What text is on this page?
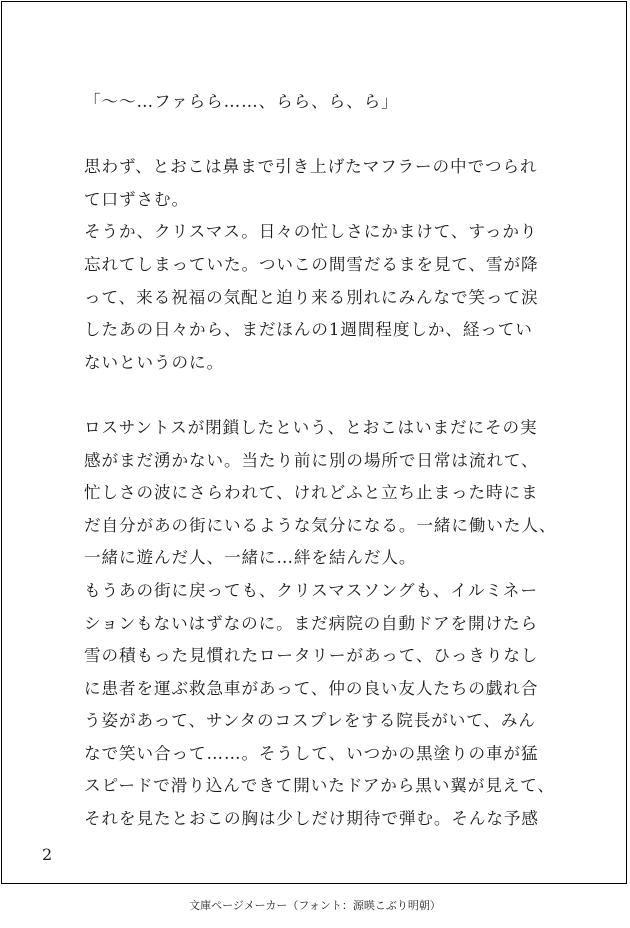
「〜〜…ファらら……、らら、ら、ら」
思わず、とおこは鼻まで引き上げたマフラーの中でつられ
て口ずさむ。
そうか、クリスマス。日々の忙しさにかまけて、すっかり
忘れてしまっていた。ついこの間雪だるまを見て、雪が降
って、来る祝福の気配と迫り来る別れにみんなで笑って涙
したあの日々から、まだほんの1週間程度しか、経ってい
ないというのに。
ロスサントスが閉鎖したという、とおこはいまだにその実
感がまだ湧かない。当たり前に別の場所で日常は流れて、
忙しさの波にさらわれて、けれどふと立ち止まった時にま
だ自分があの街にいるような気分になる。一緒に働いた人、
一緒に遊んだ人、一緒に…絆を結んだ人。
もうあの街に戻っても、クリスマスソングも、イルミネー
ションもないはずなのに。まだ病院の自動ドアを開けたら
雪の積もった見慣れたロータリーがあって、ひっきりなし
に患者を運ぶ救急車があって、仲の良い友人たちの戯れ合
う姿があって、サンタのコスプレをする院長がいて、みん
なで笑い合って……。そうして、いつかの黒塗りの車が猛
スピードで滑り込んできて開いたドアから黒い翼が見えて、
それを見たとおこの胸は少しだけ期待で弾む。そんな予感
2
文庫ページメーカー（フォント：源暎こぶり明朝）
